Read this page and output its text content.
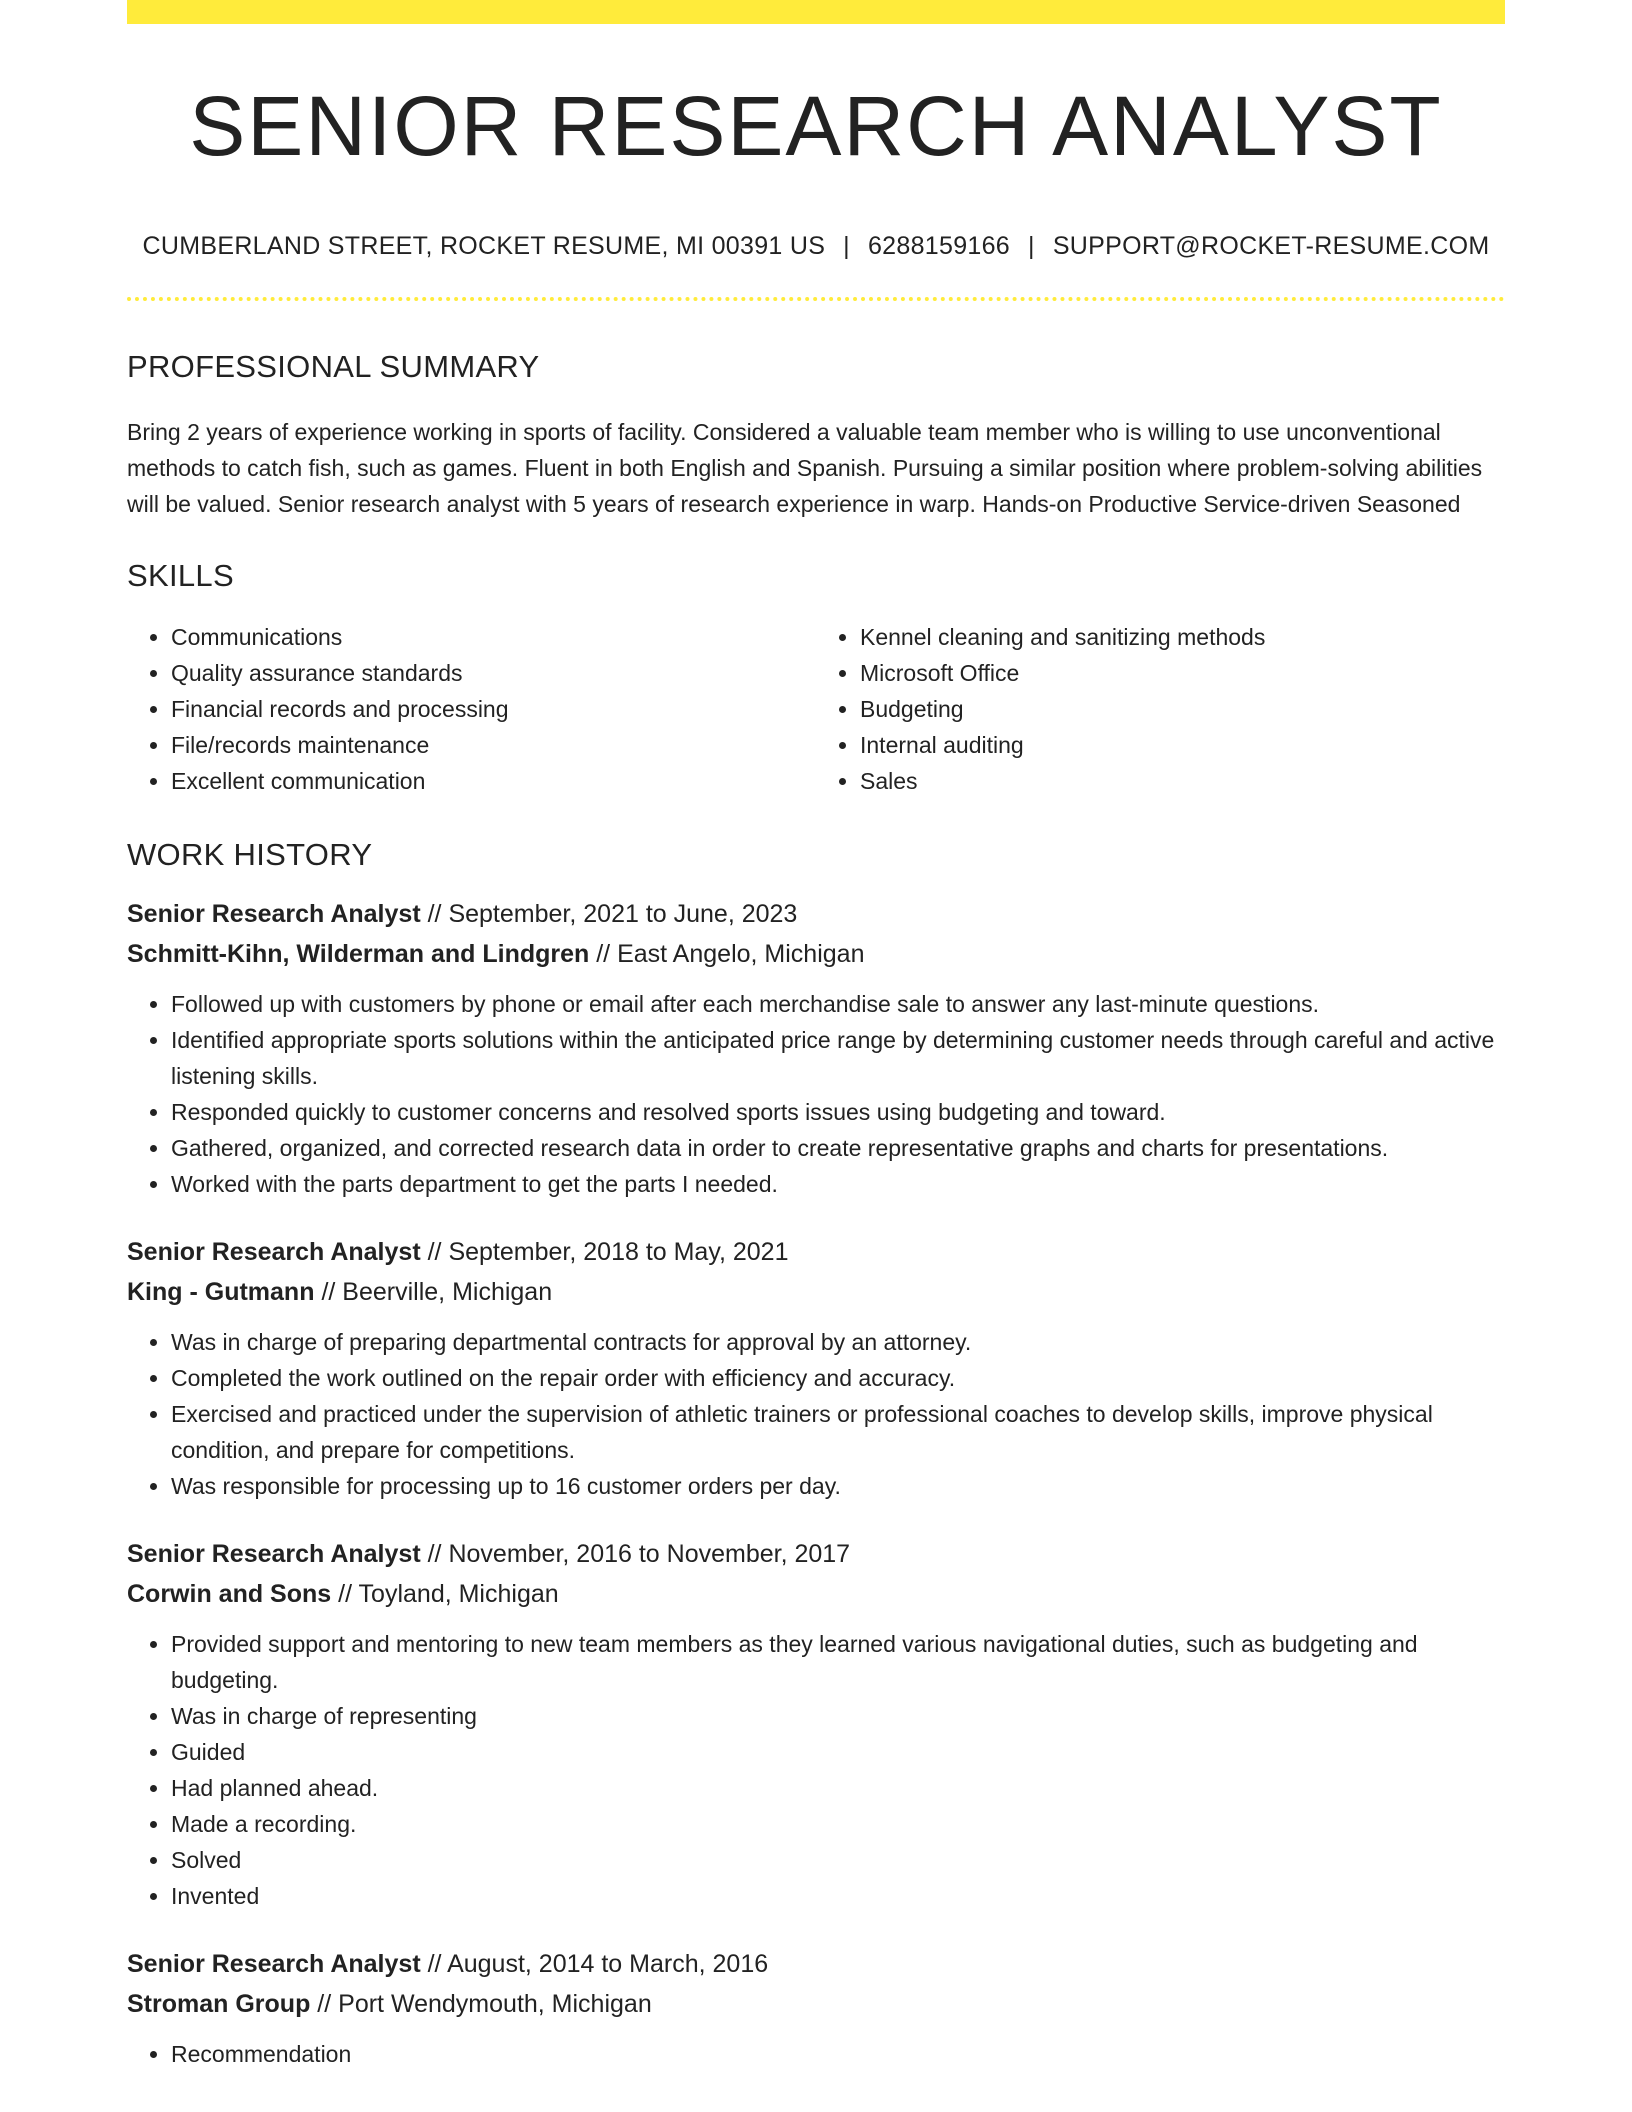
SENIOR RESEARCH ANALYST
CUMBERLAND STREET, ROCKET RESUME, MI 00391 US | 6288159166 | SUPPORT@ROCKET-RESUME.COM
PROFESSIONAL SUMMARY
Bring 2 years of experience working in sports of facility. Considered a valuable team member who is willing to use unconventional methods to catch fish, such as games. Fluent in both English and Spanish. Pursuing a similar position where problem-solving abilities will be valued. Senior research analyst with 5 years of research experience in warp. Hands-on Productive Service-driven Seasoned
SKILLS
• Communications
• Quality assurance standards
• Financial records and processing
• File/records maintenance
• Excellent communication
• Kennel cleaning and sanitizing methods
• Microsoft Office
• Budgeting
• Internal auditing
• Sales
WORK HISTORY
Senior Research Analyst // September, 2021 to June, 2023
Schmitt-Kihn, Wilderman and Lindgren // East Angelo, Michigan
• Followed up with customers by phone or email after each merchandise sale to answer any last-minute questions.
• Identified appropriate sports solutions within the anticipated price range by determining customer needs through careful and active listening skills.
• Responded quickly to customer concerns and resolved sports issues using budgeting and toward.
• Gathered, organized, and corrected research data in order to create representative graphs and charts for presentations.
• Worked with the parts department to get the parts I needed.
Senior Research Analyst // September, 2018 to May, 2021
King - Gutmann // Beerville, Michigan
• Was in charge of preparing departmental contracts for approval by an attorney.
• Completed the work outlined on the repair order with efficiency and accuracy.
• Exercised and practiced under the supervision of athletic trainers or professional coaches to develop skills, improve physical condition, and prepare for competitions.
• Was responsible for processing up to 16 customer orders per day.
Senior Research Analyst // November, 2016 to November, 2017
Corwin and Sons // Toyland, Michigan
• Provided support and mentoring to new team members as they learned various navigational duties, such as budgeting and budgeting.
• Was in charge of representing
• Guided
• Had planned ahead.
• Made a recording.
• Solved
• Invented
Senior Research Analyst // August, 2014 to March, 2016
Stroman Group // Port Wendymouth, Michigan
• Recommendation
